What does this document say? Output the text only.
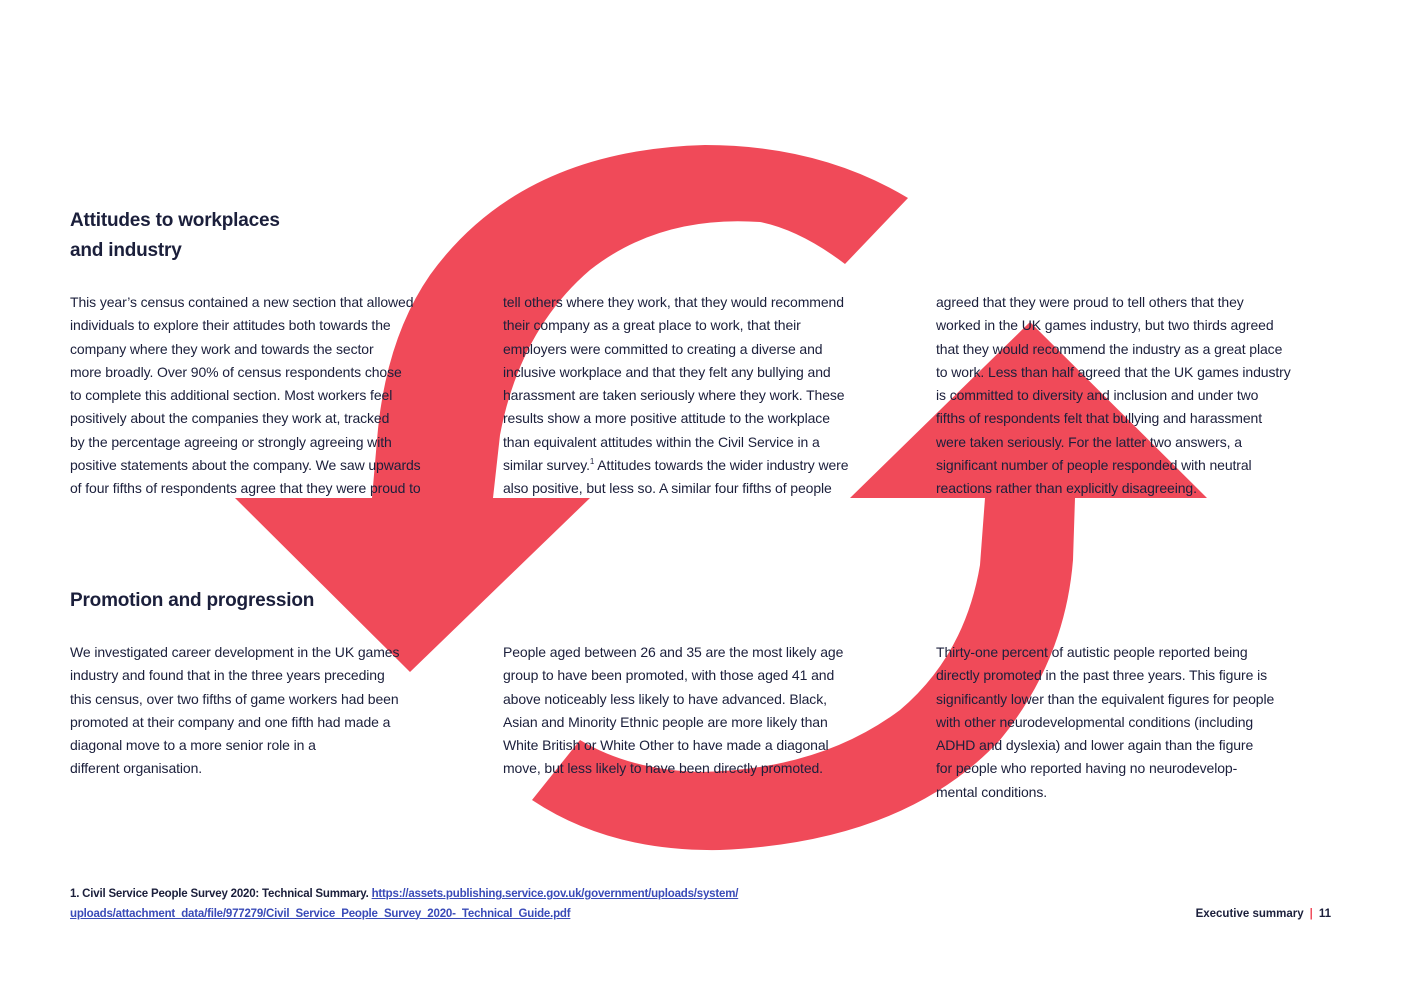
Attitudes to workplaces
and industry
This year’s census contained a new section that allowed
individuals to explore their attitudes both towards the
company where they work and towards the sector
more broadly. Over 90% of census respondents chose
to complete this additional section. Most workers feel
positively about the companies they work at, tracked
by the percentage agreeing or strongly agreeing with
positive statements about the company. We saw upwards
of four fifths of respondents agree that they were proud to
tell others where they work, that they would recommend
their company as a great place to work, that their
employers were committed to creating a diverse and
inclusive workplace and that they felt any bullying and
harassment are taken seriously where they work. These
results show a more positive attitude to the workplace
than equivalent attitudes within the Civil Service in a
similar survey.$^1$ Attitudes towards the wider industry were
also positive, but less so. A similar four fifths of people
agreed that they were proud to tell others that they
worked in the UK games industry, but two thirds agreed
that they would recommend the industry as a great place
to work. Less than half agreed that the UK games industry
is committed to diversity and inclusion and under two
fifths of respondents felt that bullying and harassment
were taken seriously. For the latter two answers, a
significant number of people responded with neutral
reactions rather than explicitly disagreeing.
Promotion and progression
We investigated career development in the UK games
industry and found that in the three years preceding
this census, over two fifths of game workers had been
promoted at their company and one fifth had made a
diagonal move to a more senior role in a
different organisation.
People aged between 26 and 35 are the most likely age
group to have been promoted, with those aged 41 and
above noticeably less likely to have advanced. Black,
Asian and Minority Ethnic people are more likely than
White British or White Other to have made a diagonal
move, but less likely to have been directly promoted.
Thirty-one percent of autistic people reported being
directly promoted in the past three years. This figure is
significantly lower than the equivalent figures for people
with other neurodevelopmental conditions (including
ADHD and dyslexia) and lower again than the figure
for people who reported having no neurodevelop-
mental conditions.
1. Civil Service People Survey 2020: Technical Summary. https://assets.publishing.service.gov.uk/government/uploads/system/
uploads/attachment_data/file/977279/Civil_Service_People_Survey_2020-_Technical_Guide.pdf	Executive summary | 11
